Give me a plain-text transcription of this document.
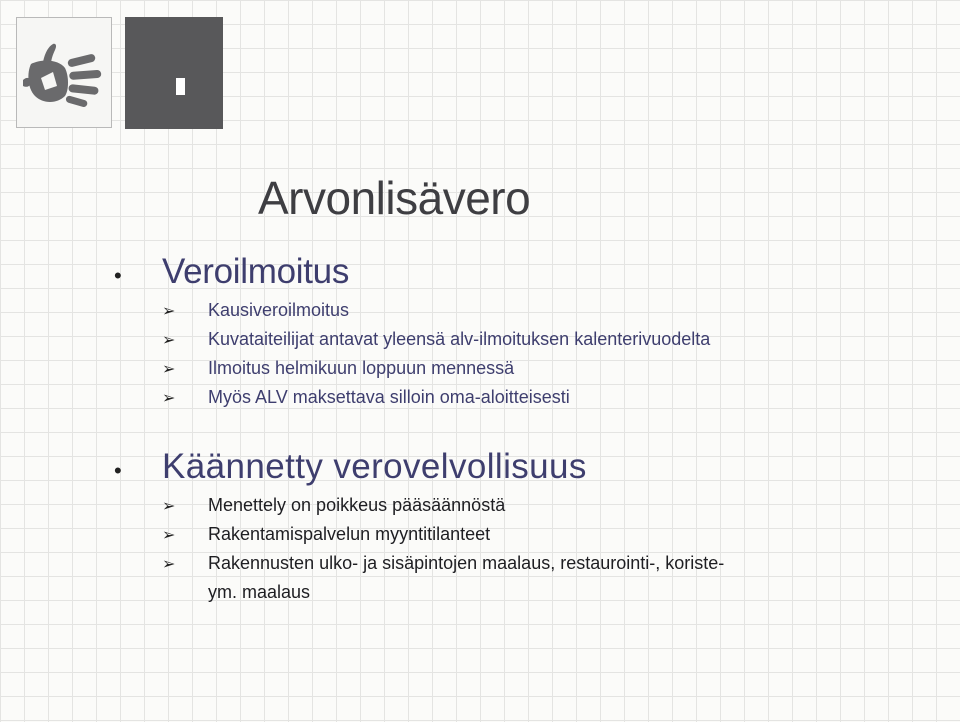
Arvonlisävero
•	Veroilmoitus
➢ Kausiveroilmoitus
➢ Kuvataiteilijat antavat yleensä alv-ilmoituksen kalenterivuodelta
➢ Ilmoitus helmikuun loppuun mennessä
➢ Myös ALV maksettava silloin oma-aloitteisesti
•	Käännetty verovelvollisuus
➢ Menettely on poikkeus pääsäännöstä
➢ Rakentamispalvelun myyntitilanteet
➢ Rakennusten ulko- ja sisäpintojen maalaus, restaurointi-, koriste-
ym. maalaus
